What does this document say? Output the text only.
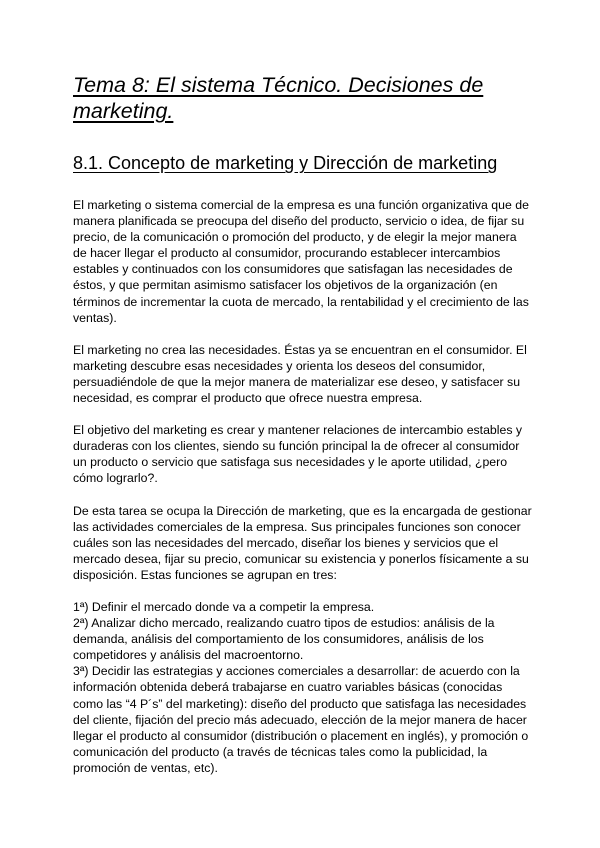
Tema 8: El sistema Técnico. Decisiones de marketing.
8.1. Concepto de marketing y Dirección de marketing

El marketing o sistema comercial de la empresa es una función organizativa que de manera planificada se preocupa del diseño del producto, servicio o idea, de fijar su precio, de la comunicación o promoción del producto, y de elegir la mejor manera de hacer llegar el producto al consumidor, procurando establecer intercambios estables y continuados con los consumidores que satisfagan las necesidades de éstos, y que permitan asimismo satisfacer los objetivos de la organización (en términos de incrementar la cuota de mercado, la rentabilidad y el crecimiento de las ventas).

El marketing no crea las necesidades. Éstas ya se encuentran en el consumidor. El marketing descubre esas necesidades y orienta los deseos del consumidor, persuadiéndole de que la mejor manera de materializar ese deseo, y satisfacer su necesidad, es comprar el producto que ofrece nuestra empresa.

El objetivo del marketing es crear y mantener relaciones de intercambio estables y duraderas con los clientes, siendo su función principal la de ofrecer al consumidor un producto o servicio que satisfaga sus necesidades y le aporte utilidad, ¿pero cómo lograrlo?.

De esta tarea se ocupa la Dirección de marketing, que es la encargada de gestionar las actividades comerciales de la empresa. Sus principales funciones son conocer cuáles son las necesidades del mercado, diseñar los bienes y servicios que el mercado desea, fijar su precio, comunicar su existencia y ponerlos físicamente a su disposición. Estas funciones se agrupan en tres:

1ª) Definir el mercado donde va a competir la empresa.

2ª) Analizar dicho mercado, realizando cuatro tipos de estudios: análisis de la demanda, análisis del comportamiento de los consumidores, análisis de los competidores y análisis del macroentorno.

3ª) Decidir las estrategias y acciones comerciales a desarrollar: de acuerdo con la información obtenida deberá trabajarse en cuatro variables básicas (conocidas como las “4 P´s” del marketing): diseño del producto que satisfaga las necesidades del cliente, fijación del precio más adecuado, elección de la mejor manera de hacer llegar el producto al consumidor (distribución o placement en inglés), y promoción o comunicación del producto (a través de técnicas tales como la publicidad, la promoción de ventas, etc).
